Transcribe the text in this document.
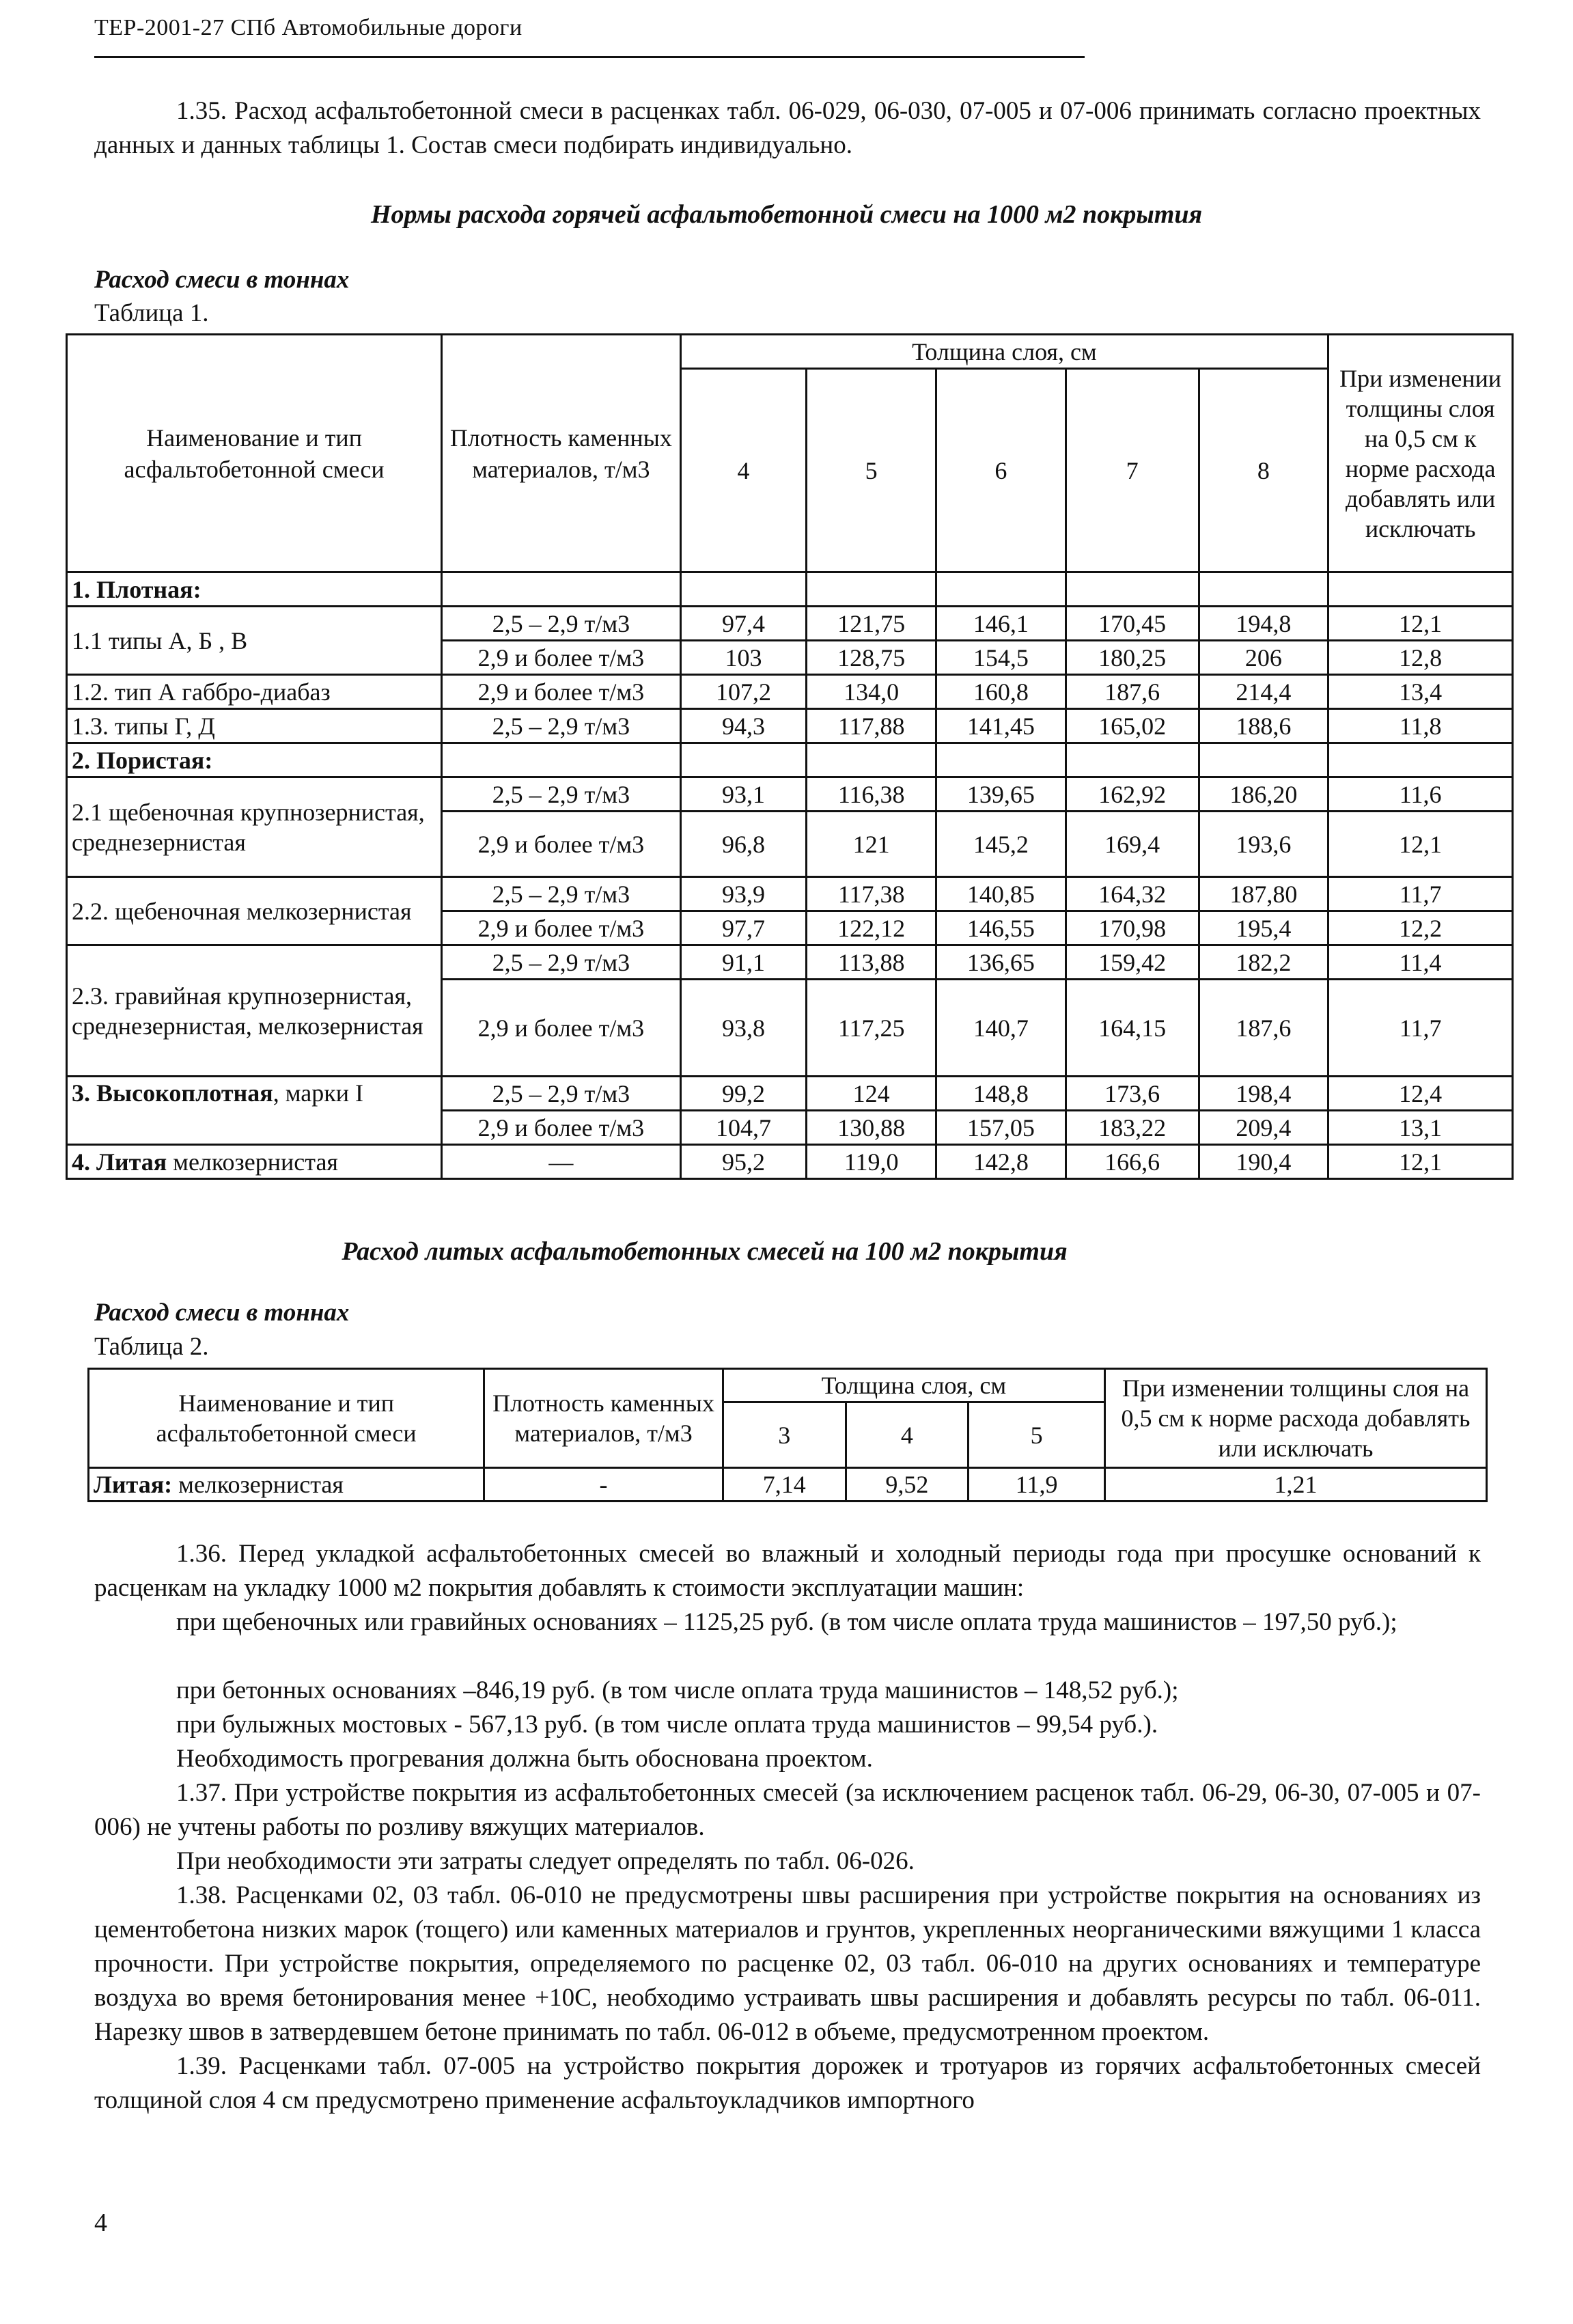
ТЕР-2001-27 СПб Автомобильные дороги
1.35. Расход асфальтобетонной смеси в расценках табл. 06-029, 06-030, 07-005 и 07-006 принимать согласно проектных данных и данных таблицы 1. Состав смеси подбирать индивидуально.
Нормы расхода горячей асфальтобетонной смеси на 1000 м2 покрытия
Расход смеси в тоннах
Таблица 1.
Наименование и тип асфальтобетонной смеси	Плотность каменных материалов, т/м3	Толщина слоя, см					При изменении толщины слоя на 0,5 см к норме расхода добавлять или исключать
		4	5	6	7	8	
1. Плотная:							
1.1 типы А, Б , В	2,5 – 2,9 т/м3	97,4	121,75	146,1	170,45	194,8	12,1
	2,9 и более т/м3	103	128,75	154,5	180,25	206	12,8
1.2. тип А габбро-диабаз	2,9 и более т/м3	107,2	134,0	160,8	187,6	214,4	13,4
1.3. типы Г, Д	2,5 – 2,9 т/м3	94,3	117,88	141,45	165,02	188,6	11,8
2. Пористая:							
2.1 щебеночная крупнозернистая, среднезернистая	2,5 – 2,9 т/м3	93,1	116,38	139,65	162,92	186,20	11,6
	2,9 и более т/м3	96,8	121	145,2	169,4	193,6	12,1
2.2. щебеночная мелкозернистая	2,5 – 2,9 т/м3	93,9	117,38	140,85	164,32	187,80	11,7
	2,9 и более т/м3	97,7	122,12	146,55	170,98	195,4	12,2
2.3. гравийная крупнозернистая, среднезернистая, мелкозернистая	2,5 – 2,9 т/м3	91,1	113,88	136,65	159,42	182,2	11,4
	2,9 и более т/м3	93,8	117,25	140,7	164,15	187,6	11,7
3. Высокоплотная, марки I	2,5 – 2,9 т/м3	99,2	124	148,8	173,6	198,4	12,4
	2,9 и более т/м3	104,7	130,88	157,05	183,22	209,4	13,1
4. Литая мелкозернистая	—	95,2	119,0	142,8	166,6	190,4	12,1
Расход литых асфальтобетонных смесей на 100 м2 покрытия
Расход смеси в тоннах
Таблица 2.
Наименование и тип асфальтобетонной смеси	Плотность каменных материалов, т/м3	Толщина слоя, см			При изменении толщины слоя на 0,5 см к норме расхода добавлять или исключать
		3	4	5	
Литая: мелкозернистая	-	7,14	9,52	11,9	1,21
1.36. Перед укладкой асфальтобетонных смесей во влажный и холодный периоды года при просушке оснований к расценкам на укладку 1000 м2 покрытия добавлять к стоимости эксплуатации машин:
при щебеночных или гравийных основаниях – 1125,25 руб. (в том числе оплата труда машинистов – 197,50 руб.);
при бетонных основаниях –846,19 руб. (в том числе оплата труда машинистов – 148,52 руб.);
при булыжных мостовых - 567,13 руб. (в том числе оплата труда машинистов – 99,54 руб.).
Необходимость прогревания должна быть обоснована проектом.
1.37. При устройстве покрытия из асфальтобетонных смесей (за исключением расценок табл. 06-29, 06-30, 07-005 и 07-006) не учтены работы по розливу вяжущих материалов.
При необходимости эти затраты следует определять по табл. 06-026.
1.38. Расценками 02, 03 табл. 06-010 не предусмотрены швы расширения при устройстве покрытия на основаниях из цементобетона низких марок (тощего) или каменных материалов и грунтов, укрепленных неорганическими вяжущими 1 класса прочности. При устройстве покрытия, определяемого по расценке 02, 03 табл. 06-010 на других основаниях и температуре воздуха во время бетонирования менее +10С, необходимо устраивать швы расширения и добавлять ресурсы по табл. 06-011. Нарезку швов в затвердевшем бетоне принимать по табл. 06-012 в объеме, предусмотренном проектом.
1.39. Расценками табл. 07-005 на устройство покрытия дорожек и тротуаров из горячих асфальтобетонных смесей толщиной слоя 4 см предусмотрено применение асфальтоукладчиков импортного
4
